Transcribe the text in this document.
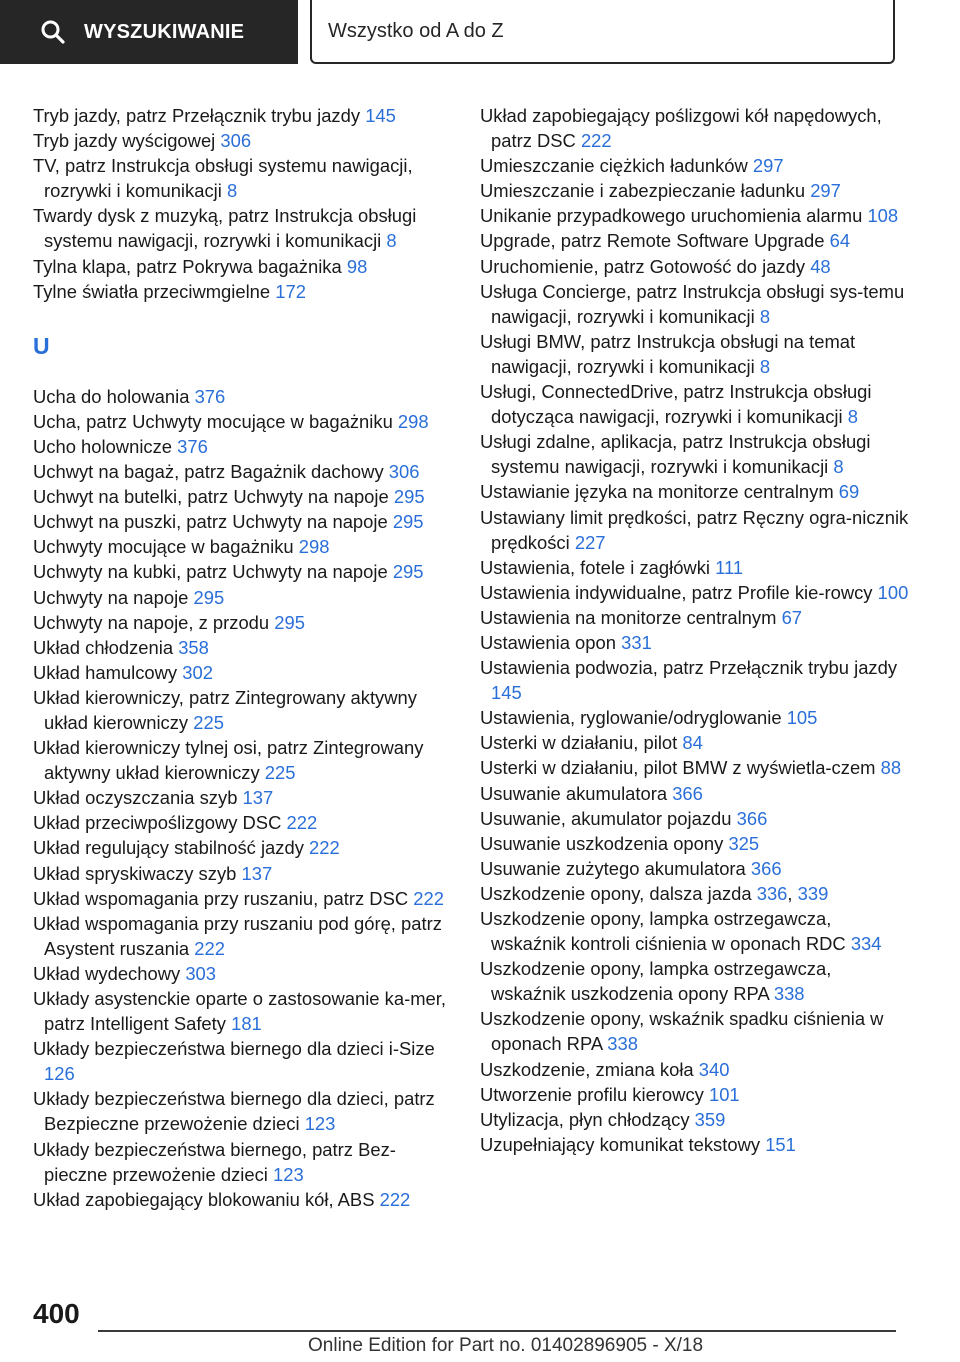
WYSZUKIWANIE	Wszystko od A do Z

Tryb jazdy, patrz Przełącznik trybu jazdy 145

Tryb jazdy wyścigowej 306

TV, patrz Instrukcja obsługi systemu nawigacji, rozrywki i komunikacji 8

Twardy dysk z muzyką, patrz Instrukcja obsługi systemu nawigacji, rozrywki i komunikacji 8

Tylna klapa, patrz Pokrywa bagażnika 98

Tylne światła przeciwmgielne 172

U

Ucha do holowania 376

Ucha, patrz Uchwyty mocujące w bagażniku 298

Ucho holownicze 376

Uchwyt na bagaż, patrz Bagażnik dachowy 306

Uchwyt na butelki, patrz Uchwyty na napoje 295

Uchwyt na puszki, patrz Uchwyty na napoje 295

Uchwyty mocujące w bagażniku 298

Uchwyty na kubki, patrz Uchwyty na napoje 295

Uchwyty na napoje 295

Uchwyty na napoje, z przodu 295

Układ chłodzenia 358

Układ hamulcowy 302

Układ kierowniczy, patrz Zintegrowany aktywny układ kierowniczy 225

Układ kierowniczy tylnej osi, patrz Zintegrowany aktywny układ kierowniczy 225

Układ oczyszczania szyb 137

Układ przeciwpoślizgowy DSC 222

Układ regulujący stabilność jazdy 222

Układ spryskiwaczy szyb 137

Układ wspomagania przy ruszaniu, patrz DSC 222

Układ wspomagania przy ruszaniu pod górę, patrz Asystent ruszania 222

Układ wydechowy 303

Układy asystenckie oparte o zastosowanie ka‐mer, patrz Intelligent Safety 181

Układy bezpieczeństwa biernego dla dzieci i-Size 126

Układy bezpieczeństwa biernego dla dzieci, patrz Bezpieczne przewożenie dzieci 123

Układy bezpieczeństwa biernego, patrz Bez‐pieczne przewożenie dzieci 123

Układ zapobiegający blokowaniu kół, ABS 222

Układ zapobiegający poślizgowi kół napędowych, patrz DSC 222

Umieszczanie ciężkich ładunków 297

Umieszczanie i zabezpieczanie ładunku 297

Unikanie przypadkowego uruchomienia alarmu 108

Upgrade, patrz Remote Software Upgrade 64

Uruchomienie, patrz Gotowość do jazdy 48

Usługa Concierge, patrz Instrukcja obsługi sys‐temu nawigacji, rozrywki i komunikacji 8

Usługi BMW, patrz Instrukcja obsługi na temat nawigacji, rozrywki i komunikacji 8

Usługi, ConnectedDrive, patrz Instrukcja obsługi dotycząca nawigacji, rozrywki i komunikacji 8

Usługi zdalne, aplikacja, patrz Instrukcja obsługi systemu nawigacji, rozrywki i komunikacji 8

Ustawianie języka na monitorze centralnym 69

Ustawiany limit prędkości, patrz Ręczny ogra‐nicznik prędkości 227

Ustawienia, fotele i zagłówki 111

Ustawienia indywidualne, patrz Profile kie‐rowcy 100

Ustawienia na monitorze centralnym 67

Ustawienia opon 331

Ustawienia podwozia, patrz Przełącznik trybu jazdy 145

Ustawienia, ryglowanie/odryglowanie 105

Usterki w działaniu, pilot 84

Usterki w działaniu, pilot BMW z wyświetla‐czem 88

Usuwanie akumulatora 366

Usuwanie, akumulator pojazdu 366

Usuwanie uszkodzenia opony 325

Usuwanie zużytego akumulatora 366

Uszkodzenie opony, dalsza jazda 336, 339

Uszkodzenie opony, lampka ostrzegawcza, wskaźnik kontroli ciśnienia w oponach RDC 334

Uszkodzenie opony, lampka ostrzegawcza, wskaźnik uszkodzenia opony RPA 338

Uszkodzenie opony, wskaźnik spadku ciśnienia w oponach RPA 338

Uszkodzenie, zmiana koła 340

Utworzenie profilu kierowcy 101

Utylizacja, płyn chłodzący 359

Uzupełniający komunikat tekstowy 151

400
Online Edition for Part no. 01402896905 - X/18
